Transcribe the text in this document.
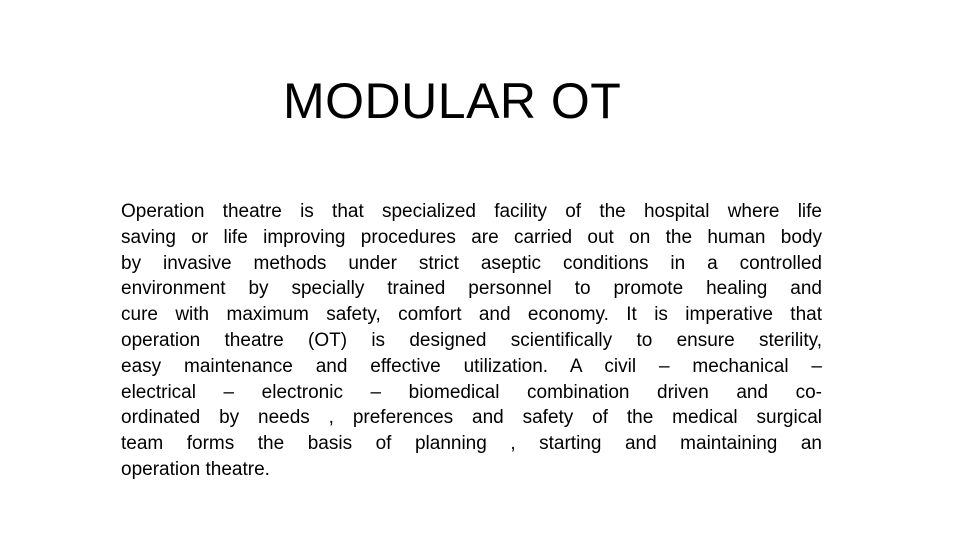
MODULAR OT
Operation theatre is that specialized facility of the hospital where life
saving or life improving procedures are carried out on the human body
by invasive methods under strict aseptic conditions in a controlled
environment by specially trained personnel to promote healing and
cure with maximum safety, comfort and economy. It is imperative that
operation theatre (OT) is designed scientifically to ensure sterility,
easy maintenance and effective utilization. A civil – mechanical –
electrical – electronic – biomedical combination driven and co-
ordinated by needs , preferences and safety of the medical surgical
team forms the basis of planning , starting and maintaining an
operation theatre.
